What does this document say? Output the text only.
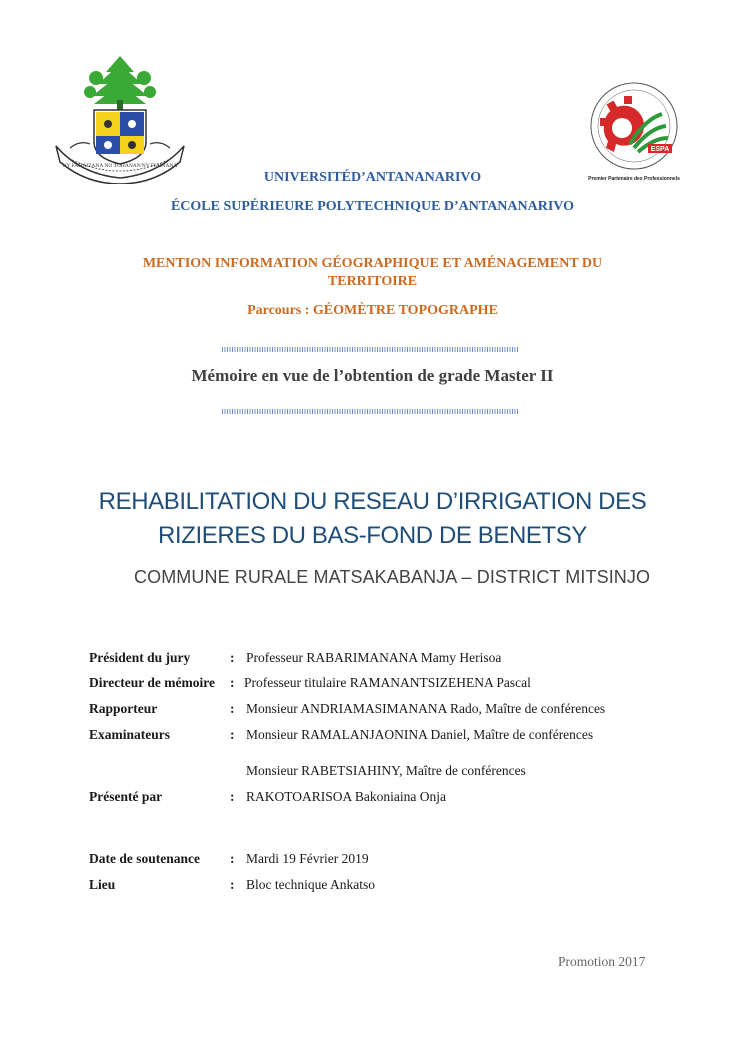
NY FAHAIZANA NO TOHANAN'NY FIAINANA
ESPA
Premier Partenaire des Professionnels
UNIVERSITÉD’ANTANANARIVO
ÉCOLE SUPÉRIEURE POLYTECHNIQUE D’ANTANANARIVO
MENTION INFORMATION GÉOGRAPHIQUE ET AMÉNAGEMENT DU
TERRITOIRE
Parcours : GÉOMÈTRE TOPOGRAPHE
Mémoire en vue de l’obtention de grade Master II
REHABILITATION DU RESEAU D’IRRIGATION DES
RIZIERES DU BAS-FOND DE BENETSY
COMMUNE RURALE MATSAKABANJA – DISTRICT MITSINJO
Président du jury	: Professeur RABARIMANANA Mamy Herisoa
Directeur de mémoire : Professeur titulaire RAMANANTSIZEHENA Pascal
Rapporteur	: Monsieur ANDRIAMASIMANANA Rado, Maître de conférences
Examinateurs	: Monsieur RAMALANJAONINA Daniel, Maître de conférences
Monsieur RABETSIAHINY, Maître de conférences
Présenté par	: RAKOTOARISOA Bakoniaina Onja
Date de soutenance : Mardi 19 Février 2019
Lieu	: Bloc technique Ankatso
Promotion 2017
